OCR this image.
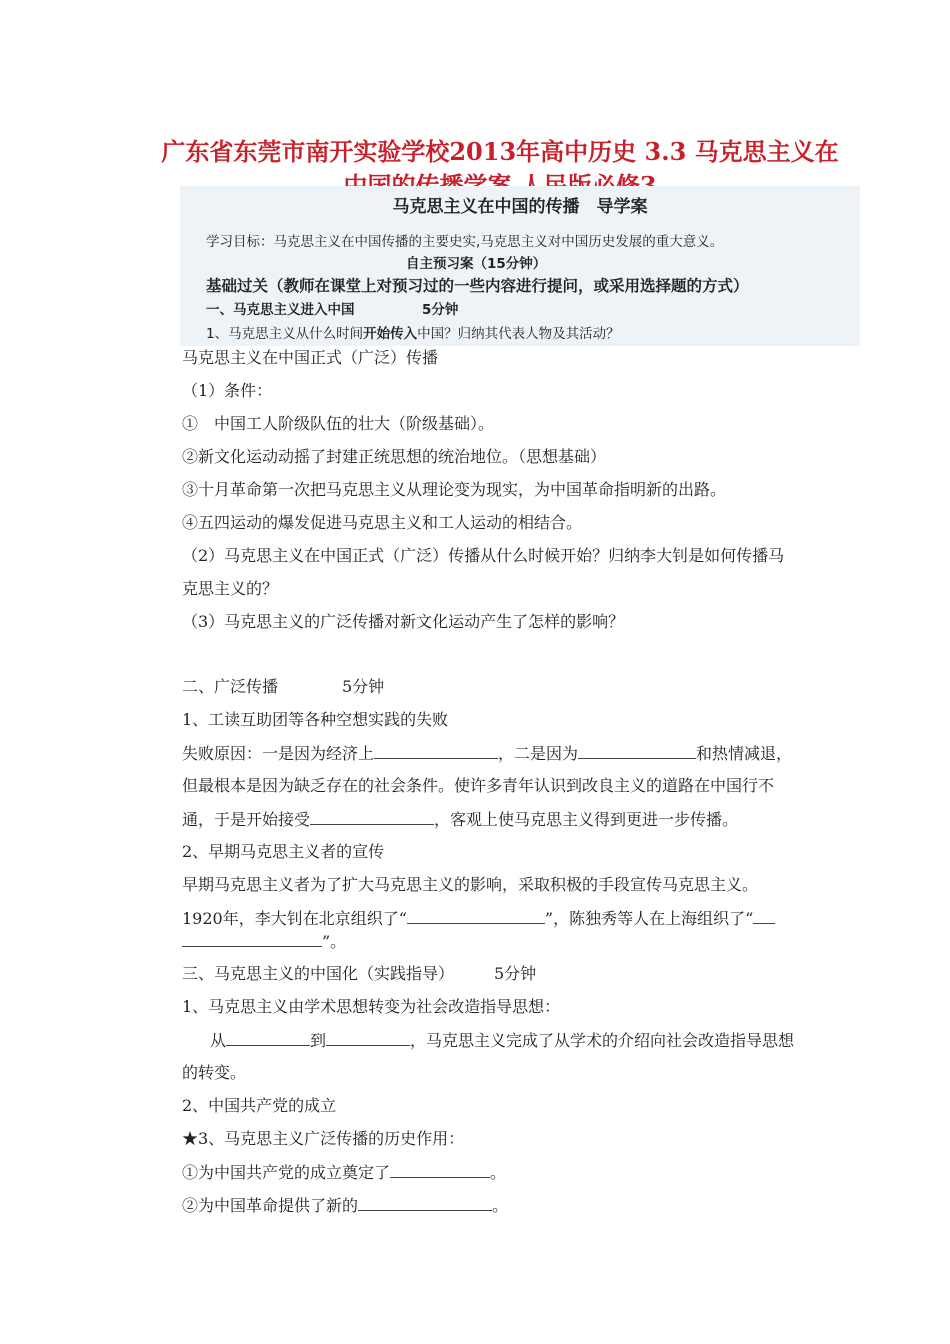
广东省东莞市南开实验学校2013年高中历史 3.3 马克思主义在
马克思主义在中国的传播　导学案
学习目标：马克思主义在中国传播的主要史实,马克思主义对中国历史发展的重大意义。
自主预习案（15分钟）
基础过关（教师在课堂上对预习过的一些内容进行提问，或采用选择题的方式）
一、马克思主义进入中国　　　　　5分钟
1、马克思主义从什么时间开始传入中国？归纳其代表人物及其活动？
马克思主义在中国正式（广泛）传播
（1）条件：
①　中国工人阶级队伍的壮大（阶级基础）。
②新文化运动动摇了封建正统思想的统治地位。（思想基础）
③十月革命第一次把马克思主义从理论变为现实，为中国革命指明新的出路。
④五四运动的爆发促进马克思主义和工人运动的相结合。
（2）马克思主义在中国正式（广泛）传播从什么时候开始？归纳李大钊是如何传播马
克思主义的？
（3）马克思主义的广泛传播对新文化运动产生了怎样的影响？
二、广泛传播　　　　5分钟
1、工读互助团等各种空想实践的失败
失败原因：一是因为经济上	，二是因为	和热情减退，
但最根本是因为缺乏存在的社会条件。使许多青年认识到改良主义的道路在中国行不
通，于是开始接受	，客观上使马克思主义得到更进一步传播。
2、早期马克思主义者的宣传
早期马克思主义者为了扩大马克思主义的影响，采取积极的手段宣传马克思主义。
1920年，李大钊在北京组织了“	”，陈独秀等人在上海组织了“
”。
三、马克思主义的中国化（实践指导）　　　5分钟
1、马克思主义由学术思想转变为社会改造指导思想：
从	到	，马克思主义完成了从学术的介绍向社会改造指导思想
的转变。
2、中国共产党的成立
★3、马克思主义广泛传播的历史作用：
①为中国共产党的成立奠定了	。
②为中国革命提供了新的	。
